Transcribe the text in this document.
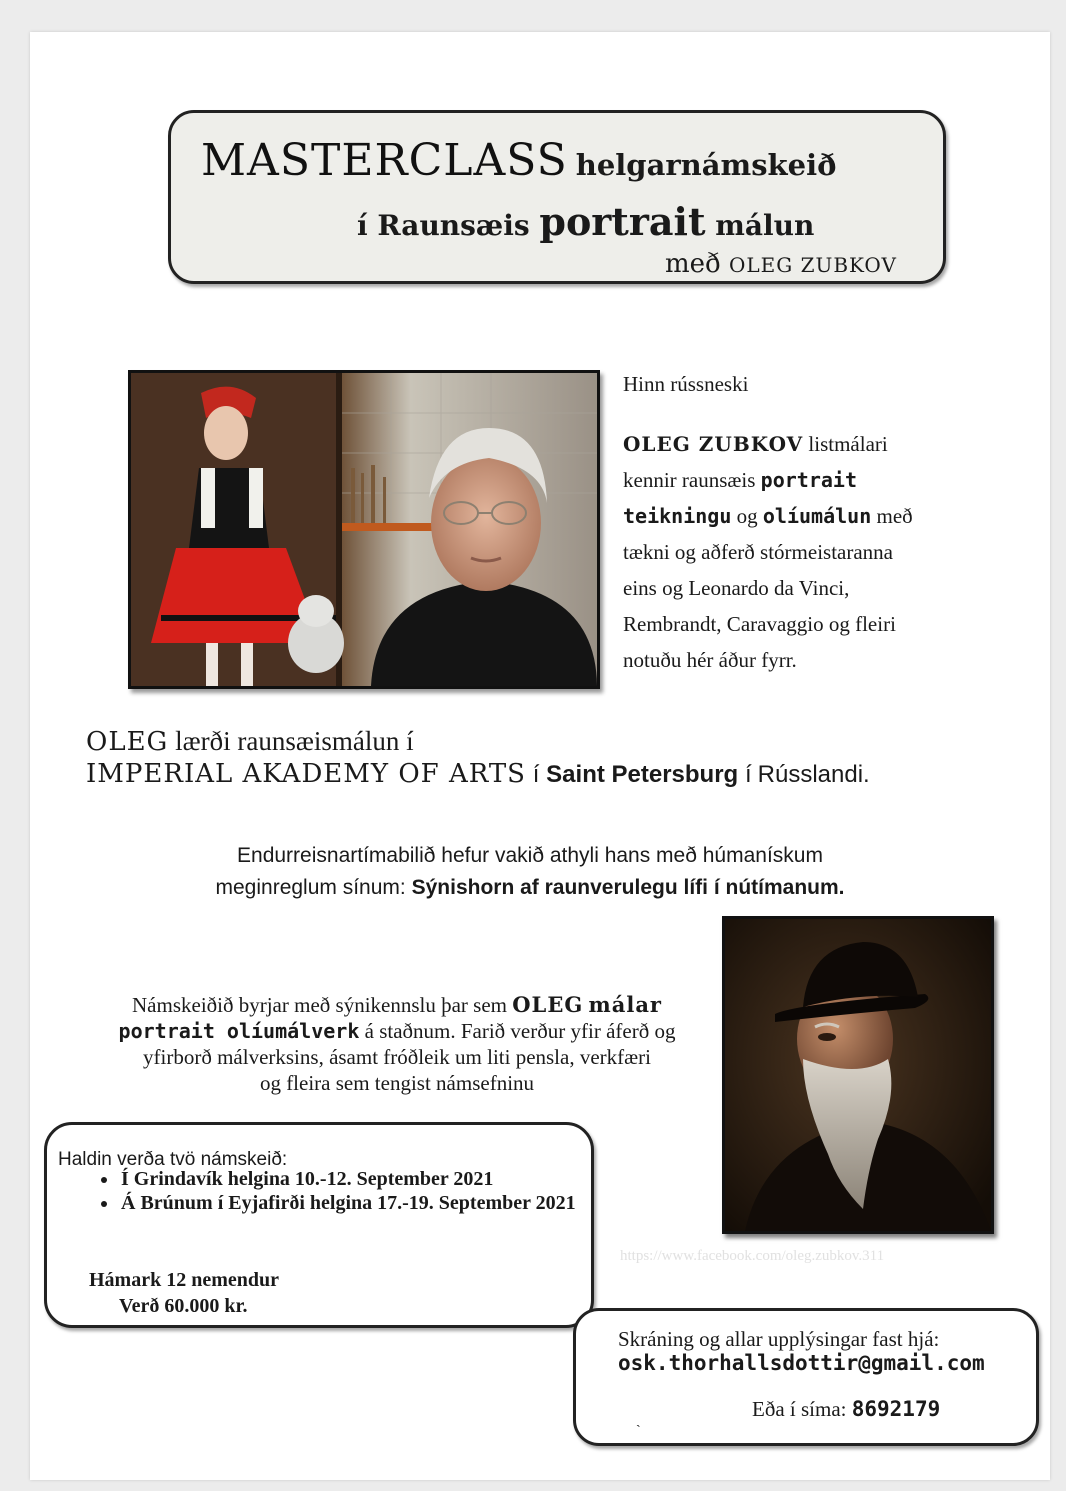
MASTERCLASS helgarnámskeið
í Raunsæis portrait málun
með OLEG ZUBKOV
Hinn rússneski
OLEG ZUBKOV listmálari
kennir raunsæis portrait
teikningu og olíumálun með
tækni og aðferð stórmeistaranna
eins og Leonardo da Vinci,
Rembrandt, Caravaggio og fleiri
notuðu hér áður fyrr.
OLEG lærði raunsæismálun í
IMPERIAL AKADEMY OF ARTS í Saint Petersburg í Rússlandi.
Endurreisnartímabilið hefur vakið athyli hans með húmanískum
meginreglum sínum: Sýnishorn af raunverulegu lífi í nútímanum.
Námskeiðið byrjar með sýnikennslu þar sem OLEG málar
portrait olíumálverk á staðnum. Farið verður yfir áferð og
yfirborð málverksins, ásamt fróðleik um liti pensla, verkfæri
og fleira sem tengist námsefninu
Haldin verða tvö námskeið:
• Í Grindavík helgina 10.-12. September 2021
• Á Brúnum í Eyjafirði helgina 17.-19. September 2021
Hámark 12 nemendur
Verð 60.000 kr.
https://www.facebook.com/oleg.zubkov.311
Skráning og allar upplýsingar fast hjá:
osk.thorhallsdottir@gmail.com
ˏ	Eða í síma: 8692179
